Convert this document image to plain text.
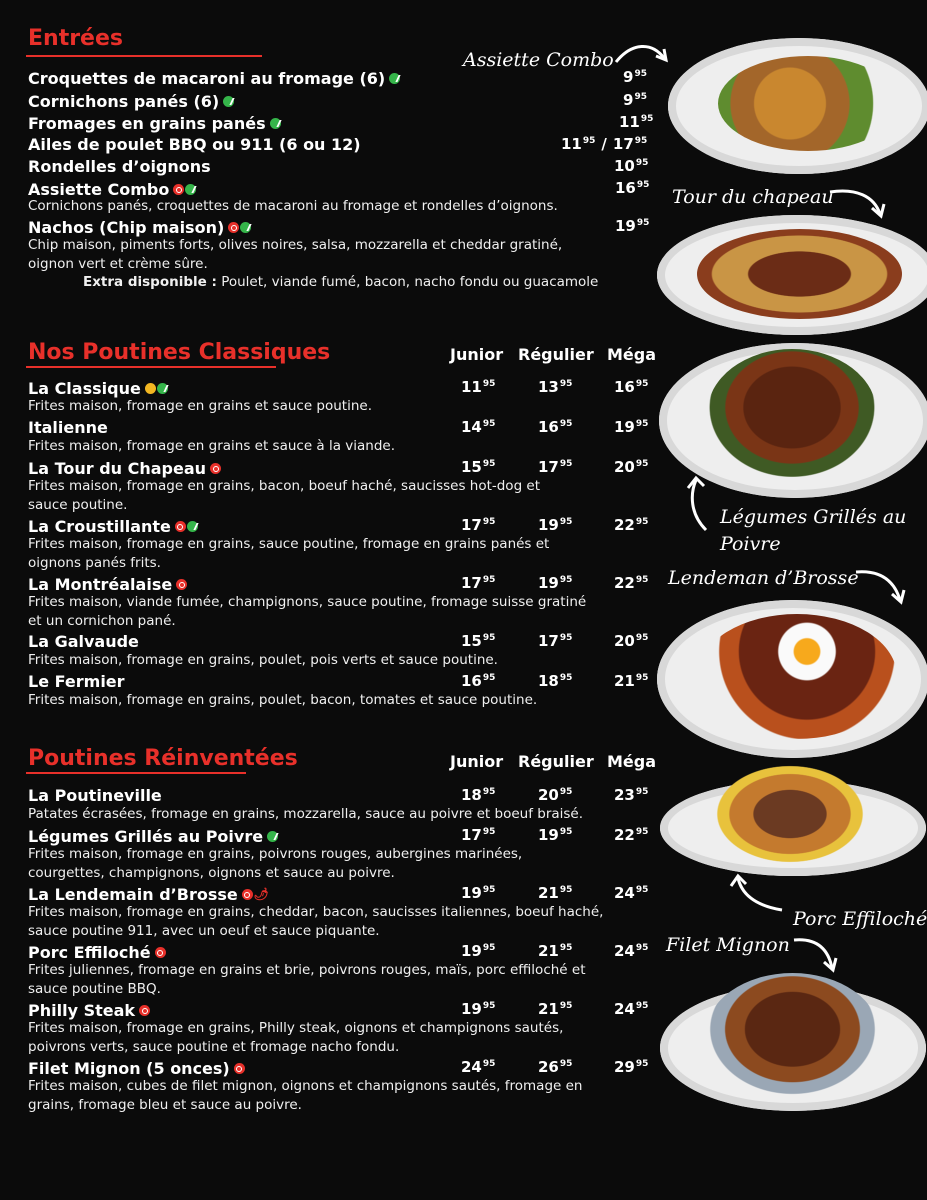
Entrées
Croquettes de macaroni au fromage (6)	$9^{95}$
Cornichons panés (6)	$9^{95}$
Fromages en grains panés	$11^{95}$
Ailes de poulet BBQ ou 911 (6 ou 12)	$11^{95} / 17^{95}$
Rondelles d’oignons	$10^{95}$
Assiette Combo	$16^{95}$
Cornichons panés, croquettes de macaroni au fromage et rondelles d’oignons.
Nachos (Chip maison)	$19^{95}$
Chip maison, piments forts, olives noires, salsa, mozzarella et cheddar gratiné,
oignon vert et crème sûre.
Extra disponible : Poulet, viande fumé, bacon, nacho fondu ou guacamole
Nos Poutines Classiques	Junior Régulier Méga
La Classique	$11^{95}$	$13^{95}$	$16^{95}$
Frites maison, fromage en grains et sauce poutine.
Italienne	$14^{95}$	$16^{95}$	$19^{95}$
Frites maison, fromage en grains et sauce à la viande.
La Tour du Chapeau	$15^{95}$	$17^{95}$	$20^{95}$
Frites maison, fromage en grains, bacon, boeuf haché, saucisses hot-dog et
sauce poutine.
La Croustillante	$17^{95}$	$19^{95}$	$22^{95}$
Frites maison, fromage en grains, sauce poutine, fromage en grains panés et
oignons panés frits.
La Montréalaise	$17^{95}$	$19^{95}$	$22^{95}$
Frites maison, viande fumée, champignons, sauce poutine, fromage suisse gratiné
et un cornichon pané.
La Galvaude	$15^{95}$	$17^{95}$	$20^{95}$
Frites maison, fromage en grains, poulet, pois verts et sauce poutine.
Le Fermier	$16^{95}$	$18^{95}$	$21^{95}$
Frites maison, fromage en grains, poulet, bacon, tomates et sauce poutine.
Poutines Réinventées	Junior Régulier Méga
La Poutineville	$18^{95}$	$20^{95}$	$23^{95}$
Patates écrasées, fromage en grains, mozzarella, sauce au poivre et boeuf braisé.
Légumes Grillés au Poivre	$17^{95}$	$19^{95}$	$22^{95}$
Frites maison, fromage en grains, poivrons rouges, aubergines marinées,
courgettes, champignons, oignons et sauce au poivre.
La Lendemain d’Brosse 🌶	$19^{95}$	$21^{95}$	$24^{95}$
Frites maison, fromage en grains, cheddar, bacon, saucisses italiennes, boeuf haché,
sauce poutine 911, avec un oeuf et sauce piquante.
Porc Effiloché	$19^{95}$	$21^{95}$	$24^{95}$
Frites juliennes, fromage en grains et brie, poivrons rouges, maïs, porc effiloché et
sauce poutine BBQ.
Philly Steak	$19^{95}$	$21^{95}$	$24^{95}$
Frites maison, fromage en grains, Philly steak, oignons et champignons sautés,
poivrons verts, sauce poutine et fromage nacho fondu.
Filet Mignon (5 onces)	$24^{95}$	$26^{95}$	$29^{95}$
Frites maison, cubes de filet mignon, oignons et champignons sautés, fromage en
grains, fromage bleu et sauce au poivre.
Assiette Combo
Tour du chapeau
Légumes Grillés au
Poivre
Lendeman d’Brosse
Porc Effiloché
Filet Mignon
